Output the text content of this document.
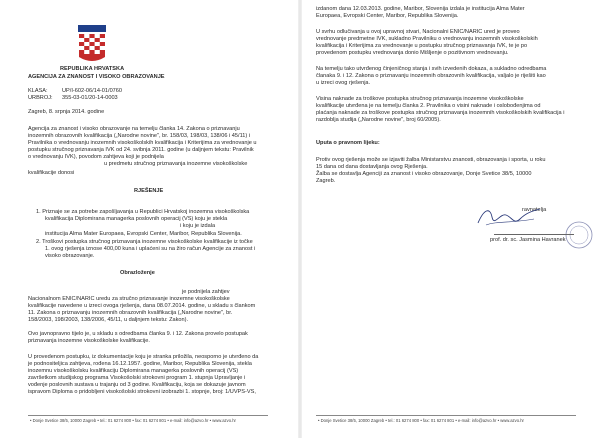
REPUBLIKA HRVATSKA
AGENCIJA ZA ZNANOST I VISOKO OBRAZOVANJE
KLASA:	UP/I-602-06/14-01/0760
URBROJ: 355-03-01/20-14-0003
Zagreb, 8. srpnja 2014. godine
Agencija za znanost i visoko obrazovanje na temelju članka 14. Zakona o priznavanju
inozemnih obrazovnih kvalifikacija („Narodne novine", br. 158/03, 198/03, 138/06 i 45/11) i
Pravilnika o vrednovanju inozemnih visokoškolskih kvalifikacija i Kriterijima za vrednovanje u
postupku stručnog priznavanja IVK od 24. svibnja 2011. godine (u daljnjem tekstu: Pravilnik
o vrednovanju IVK), povodom zahtjeva koji je podnijela
u predmetu stručnog priznavanja inozemne visokoškolske
kvalifikacije donosi
RJEŠENJE
1. Priznaje se za potrebe zapošljavanja u Republici Hrvatskoj inozemna visokoškolska
kvalifikacija Diplomirana managerka poslovnih operacij (VS) koju je stekla
i koju je izdala
institucija Alma Mater Europaea, Evropski Center, Maribor, Republika Slovenija.
2. Troškovi postupka stručnog priznavanja inozemne visokoškolske kvalifikacije iz točke
1. ovog rješenja iznose 400,00 kuna i uplaćeni su na žiro račun Agencije za znanost i
visoko obrazovanje.
Obrazloženje
je podnijela zahtjev
Nacionalnom ENIC/NARIC uredu za stručno priznavanje inozemne visokoškolske
kvalifikacije navedene u izreci ovoga rješenja, dana 08.07.2014. godine, u skladu s člankom
11. Zakona o priznavanju inozemnih obrazovnih kvalifikacija („Narodne novine", br.
158/2003, 198/2003, 138/2006, 45/11, u daljnjem tekstu: Zakon).
Ovo javnopravno tijelo je, u skladu s odredbama članka 9. i 12. Zakona provelo postupak
priznavanja inozemne visokoškolske kvalifikacije.
U provedenom postupku, iz dokumentacije koju je stranka priložila, neosporno je utvrđeno da
je podnositeljica zahtjeva, rođena 16.12.1957. godine, Maribor, Republika Slovenija, stekla
inozemnu visokoškolsku kvalifikaciju Diplomirana managerka poslovnih operacij (VS)
završetkom studijskog programa Visokošolski strokovni program 1. stupnja Upravljanje i
vođenje poslovnih sustava u trajanju od 3 godine. Kvalifikaciju, koja se dokazuje javnom
ispravom Diploma o pridobljeni visokošolski strokovni izobrazbi 1. stopnje, broj: 1/UVPS-VS,
• Donje Svetice 38/5, 10000 Zagreb • tel.: 01 6274 800 • fax: 01 6274 801 • e-mail: info@azvo.hr • www.azvo.hr
izdanom dana 12.03.2013. godine, Maribor, Slovenija izdala je institucija Alma Mater
Europaea, Evropski Center, Maribor, Republika Slovenija.
U svrhu odlučivanja u ovoj upravnoj stvari, Nacionalni ENIC/NARIC ured je proveo
vrednovanje predmetne IVK, sukladno Pravilniku o vrednovanju inozemnih visokoškolskih
kvalifikacija i Kriterijima za vrednovanje u postupku stručnog priznavanja IVK, te je po
provedenom postupku vrednovanja donio Mišljenje o pozitivnom vrednovanju.
Na temelju tako utvrđenog činjeničnog stanja i svih izvedenih dokaza, a sukladno odredbama
članaka 9. i 12. Zakona o priznavanju inozemnih obrazovnih kvalifikacija, valjalo je riješiti kao
u izreci ovog rješenja.
Visina naknade za troškove postupka stručnog priznavanja inozemne visokoškolske
kvalifikacije utvrđena je na temelju članka 2. Pravilnika o visini naknade i oslobođenjima od
plaćanja naknade za troškove postupka stručnog priznavanja inozemnih visokoškolskih kvalifikacija i
razdoblja studija („Narodne novine", broj 60/2005).
Uputa o pravnom lijeku:
Protiv ovog rješenja može se izjaviti žalba Ministarstvu znanosti, obrazovanja i sporta, u roku
15 dana od dana dostavljanja ovog Rješenja.
Žalba se dostavlja Agenciji za znanost i visoko obrazovanje, Donje Svetice 38/5, 10000
Zagreb.
ravnatelja
prof. dr. sc. Jasmina Havranek
• Donje Svetice 38/5, 10000 Zagreb • tel.: 01 6274 800 • fax: 01 6274 801 • e-mail: info@azvo.hr • www.azvo.hr
